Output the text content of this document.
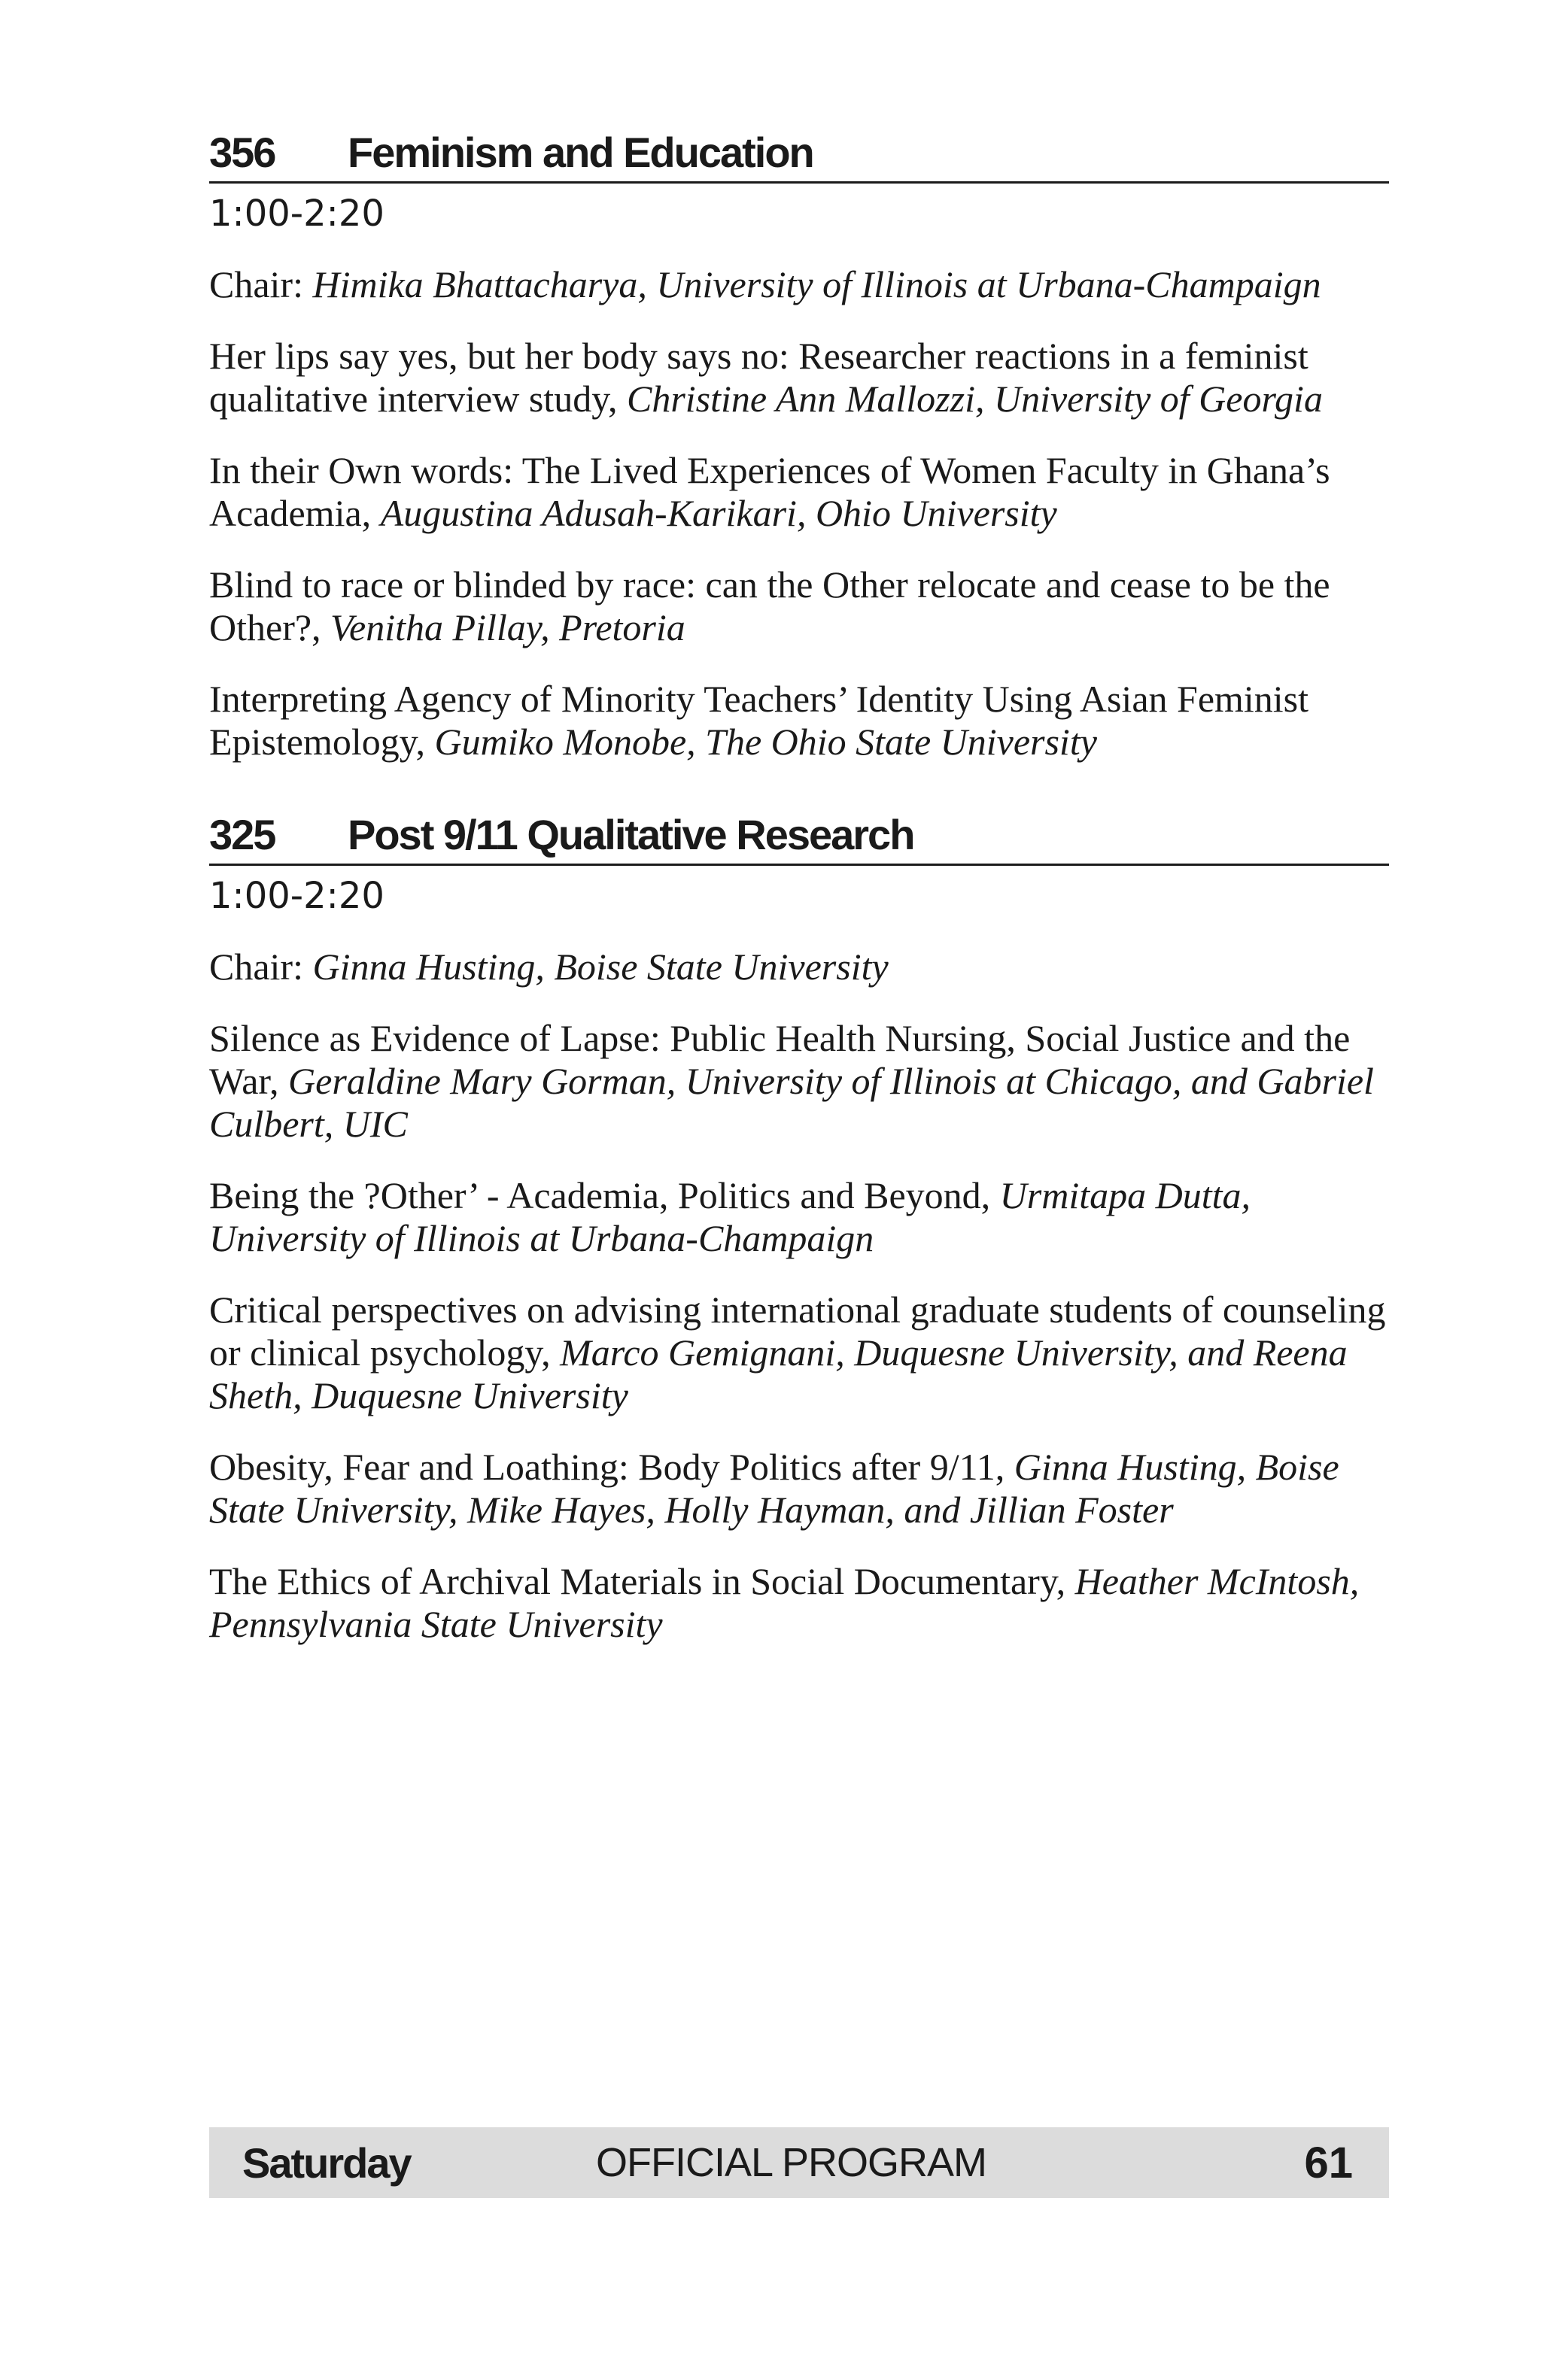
356	Feminism and Education
1:00-2:20

Chair: Himika Bhattacharya, University of Illinois at Urbana-Champaign

Her lips say yes, but her body says no: Researcher reactions in a feminist qualitative interview study, Christine Ann Mallozzi, University of Georgia

In their Own words: The Lived Experiences of Women Faculty in Ghana’s Academia, Augustina Adusah-Karikari, Ohio University

Blind to race or blinded by race: can the Other relocate and cease to be the Other?, Venitha Pillay, Pretoria

Interpreting Agency of Minority Teachers’ Identity Using Asian Feminist Epistemology, Gumiko Monobe, The Ohio State University

325	Post 9/11 Qualitative Research
1:00-2:20

Chair: Ginna Husting, Boise State University

Silence as Evidence of Lapse: Public Health Nursing, Social Justice and the War, Geraldine Mary Gorman, University of Illinois at Chicago, and Gabriel Culbert, UIC

Being the ?Other’ - Academia, Politics and Beyond, Urmitapa Dutta, University of Illinois at Urbana-Champaign

Critical perspectives on advising international graduate students of counseling or clinical psychology, Marco Gemignani, Duquesne University, and Reena Sheth, Duquesne University

Obesity, Fear and Loathing: Body Politics after 9/11, Ginna Husting, Boise State University, Mike Hayes, Holly Hayman, and Jillian Foster

The Ethics of Archival Materials in Social Documentary, Heather McIntosh, Pennsylvania State University

Saturday	OFFICIAL PROGRAM	61
